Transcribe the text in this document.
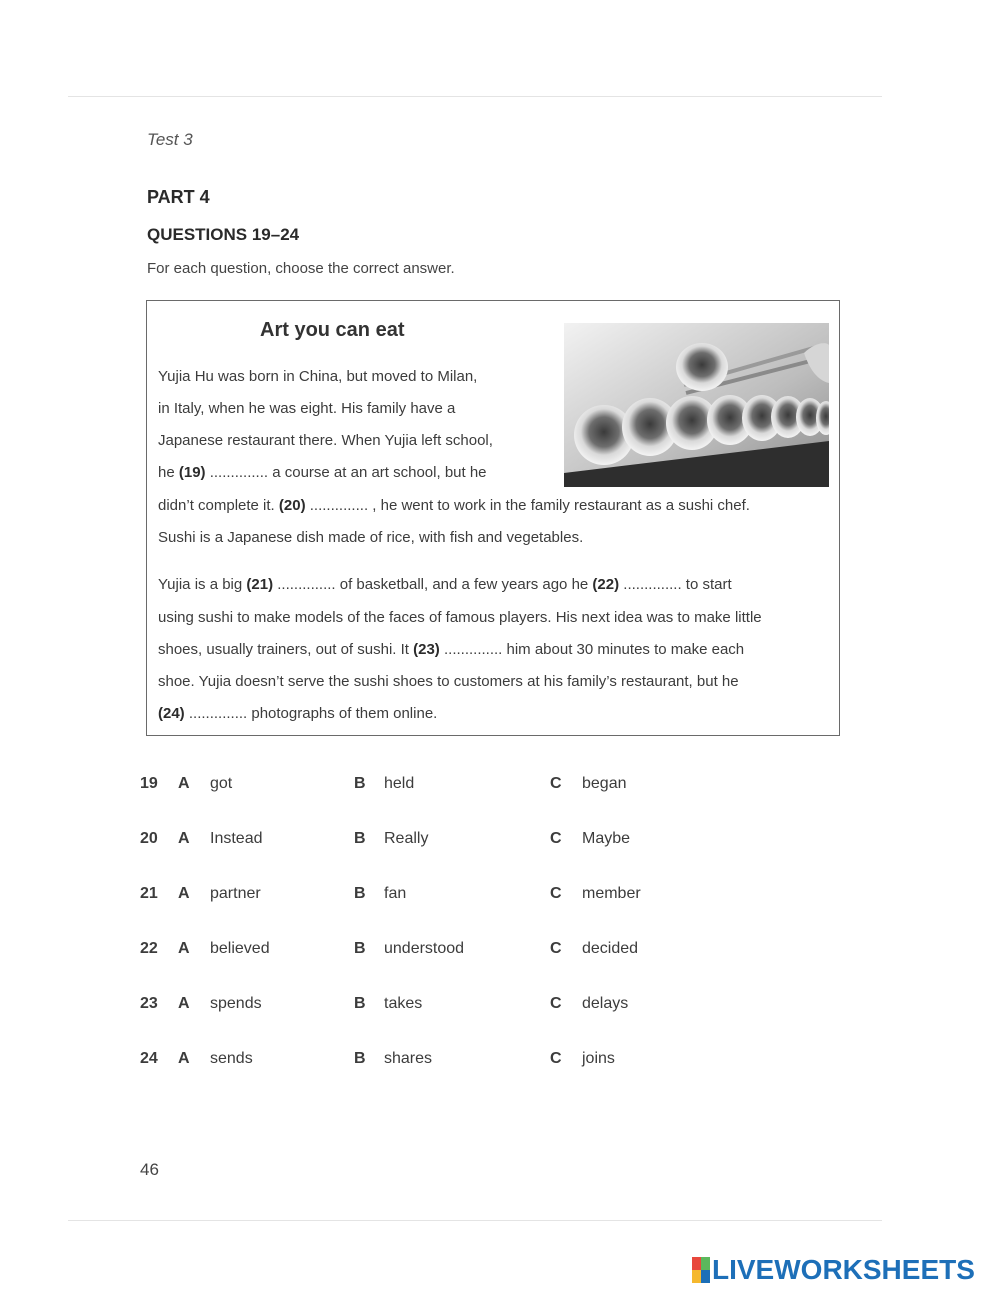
Test 3
PART 4
QUESTIONS 19–24
For each question, choose the correct answer.
Art you can eat
Yujia Hu was born in China, but moved to Milan,
in Italy, when he was eight. His family have a
Japanese restaurant there. When Yujia left school,
he (19) .............. a course at an art school, but he
didn’t complete it. (20) .............. , he went to work in the family restaurant as a sushi chef.
Sushi is a Japanese dish made of rice, with fish and vegetables.
Yujia is a big (21) .............. of basketball, and a few years ago he (22) .............. to start
using sushi to make models of the faces of famous players. His next idea was to make little
shoes, usually trainers, out of sushi. It (23) .............. him about 30 minutes to make each
shoe. Yujia doesn’t serve the sushi shoes to customers at his family’s restaurant, but he
(24) .............. photographs of them online.
19 A got	B held	C began
20 A Instead	B Really	C Maybe
21 A partner	B fan	C member
22 A believed	B understood	C decided
23 A spends	B takes	C delays
24 A sends	B shares	C joins
46
LIVEWORKSHEETS
